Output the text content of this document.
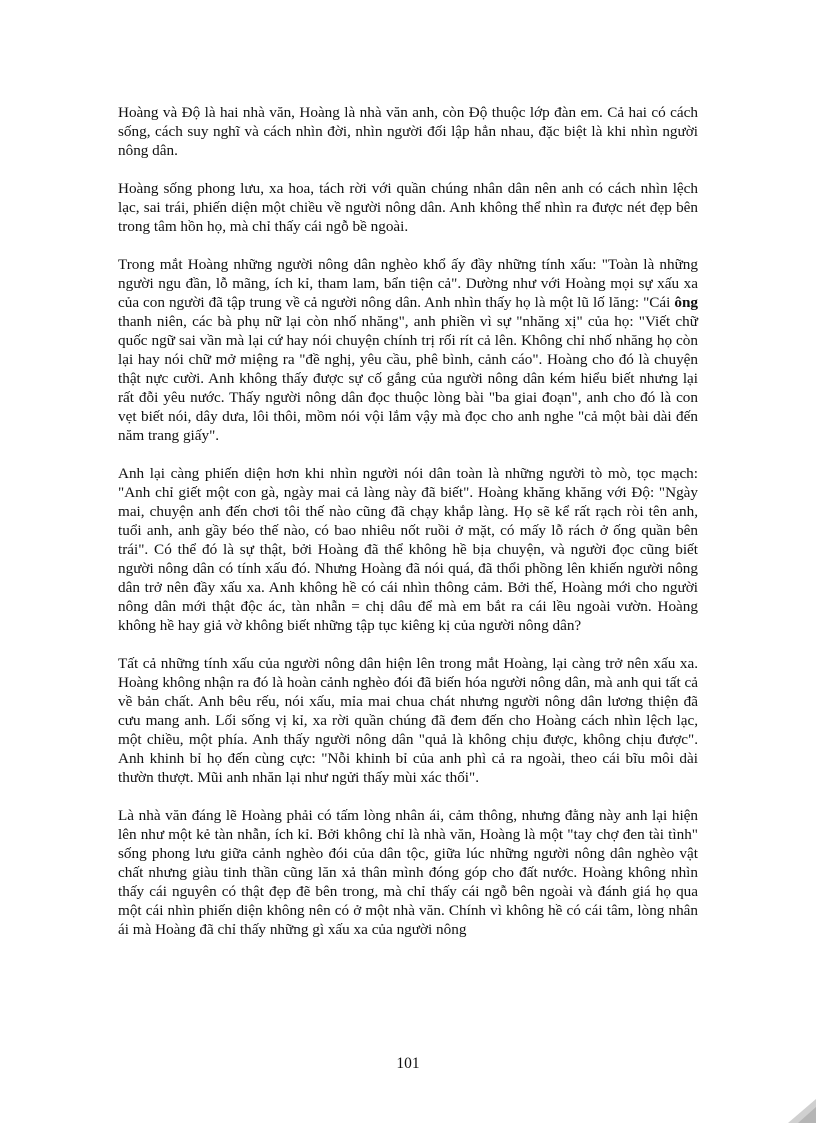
Hoàng và Độ là hai nhà văn, Hoàng là nhà văn anh, còn Độ thuộc lớp đàn em. Cả hai có cách sống, cách suy nghĩ và cách nhìn đời, nhìn người đối lập hẳn nhau, đặc biệt là khi nhìn người nông dân.

Hoàng sống phong lưu, xa hoa, tách rời với quần chúng nhân dân nên anh có cách nhìn lệch lạc, sai trái, phiến diện một chiều về người nông dân. Anh không thể nhìn ra được nét đẹp bên trong tâm hồn họ, mà chỉ thấy cái ngỗ bề ngoài.

Trong mắt Hoàng những người nông dân nghèo khổ ấy đầy những tính xấu: "Toàn là những người ngu đần, lỗ mãng, ích kỉ, tham lam, bẩn tiện cả". Dường như với Hoàng mọi sự xấu xa của con người đã tập trung về cả người nông dân. Anh nhìn thấy họ là một lũ lố lăng: "Cái ông thanh niên, các bà phụ nữ lại còn nhố nhăng", anh phiền vì sự "nhăng xị" của họ: "Viết chữ quốc ngữ sai vần mà lại cứ hay nói chuyện chính trị rối rít cả lên. Không chỉ nhố nhăng họ còn lại hay nói chữ mở miệng ra "đề nghị, yêu cầu, phê bình, cảnh cáo". Hoàng cho đó là chuyện thật nực cười. Anh không thấy được sự cố gắng của người nông dân kém hiểu biết nhưng lại rất đỗi yêu nước. Thấy người nông dân đọc thuộc lòng bài "ba giai đoạn", anh cho đó là con vẹt biết nói, dây dưa, lôi thôi, mồm nói vội lắm vậy mà đọc cho anh nghe "cả một bài dài đến năm trang giấy".

Anh lại càng phiến diện hơn khi nhìn người nói dân toàn là những người tò mò, tọc mạch: "Anh chỉ giết một con gà, ngày mai cả làng này đã biết". Hoàng khăng khăng với Độ: "Ngày mai, chuyện anh đến chơi tôi thế nào cũng đã chạy khắp làng. Họ sẽ kể rất rạch ròi tên anh, tuổi anh, anh gầy béo thế nào, có bao nhiêu nốt ruồi ở mặt, có mấy lỗ rách ở ống quần bên trái". Có thể đó là sự thật, bởi Hoàng đã thể không hề bịa chuyện, và người đọc cũng biết người nông dân có tính xấu đó. Nhưng Hoàng đã nói quá, đã thổi phồng lên khiến người nông dân trở nên đầy xấu xa. Anh không hề có cái nhìn thông cảm. Bởi thế, Hoàng mới cho người nông dân mới thật độc ác, tàn nhẫn = chị dâu để mà em bắt ra cái lều ngoài vườn. Hoàng không hề hay giả vờ không biết những tập tục kiêng kị của người nông dân?

Tất cả những tính xấu của người nông dân hiện lên trong mắt Hoàng, lại càng trở nên xấu xa. Hoàng không nhận ra đó là hoàn cảnh nghèo đói đã biến hóa người nông dân, mà anh qui tất cả về bản chất. Anh bêu rếu, nói xấu, mỉa mai chua chát nhưng người nông dân lương thiện đã cưu mang anh. Lối sống vị kỉ, xa rời quần chúng đã đem đến cho Hoàng cách nhìn lệch lạc, một chiều, một phía. Anh thấy người nông dân "quả là không chịu được, không chịu được". Anh khinh bỉ họ đến cùng cực: "Nỗi khinh bỉ của anh phì cả ra ngoài, theo cái bĩu môi dài thườn thượt. Mũi anh nhăn lại như ngửi thấy mùi xác thối".

Là nhà văn đáng lẽ Hoàng phải có tấm lòng nhân ái, cảm thông, nhưng đằng này anh lại hiện lên như một kẻ tàn nhẫn, ích kỉ. Bởi không chỉ là nhà văn, Hoàng là một "tay chợ đen tài tình" sống phong lưu giữa cảnh nghèo đói của dân tộc, giữa lúc những người nông dân nghèo vật chất nhưng giàu tinh thần cũng lăn xả thân mình đóng góp cho đất nước. Hoàng không nhìn thấy cái nguyên có thật đẹp đẽ bên trong, mà chỉ thấy cái ngỗ bên ngoài và đánh giá họ qua một cái nhìn phiến diện không nên có ở một nhà văn. Chính vì không hề có cái tâm, lòng nhân ái mà Hoàng đã chỉ thấy những gì xấu xa của người nông

101
